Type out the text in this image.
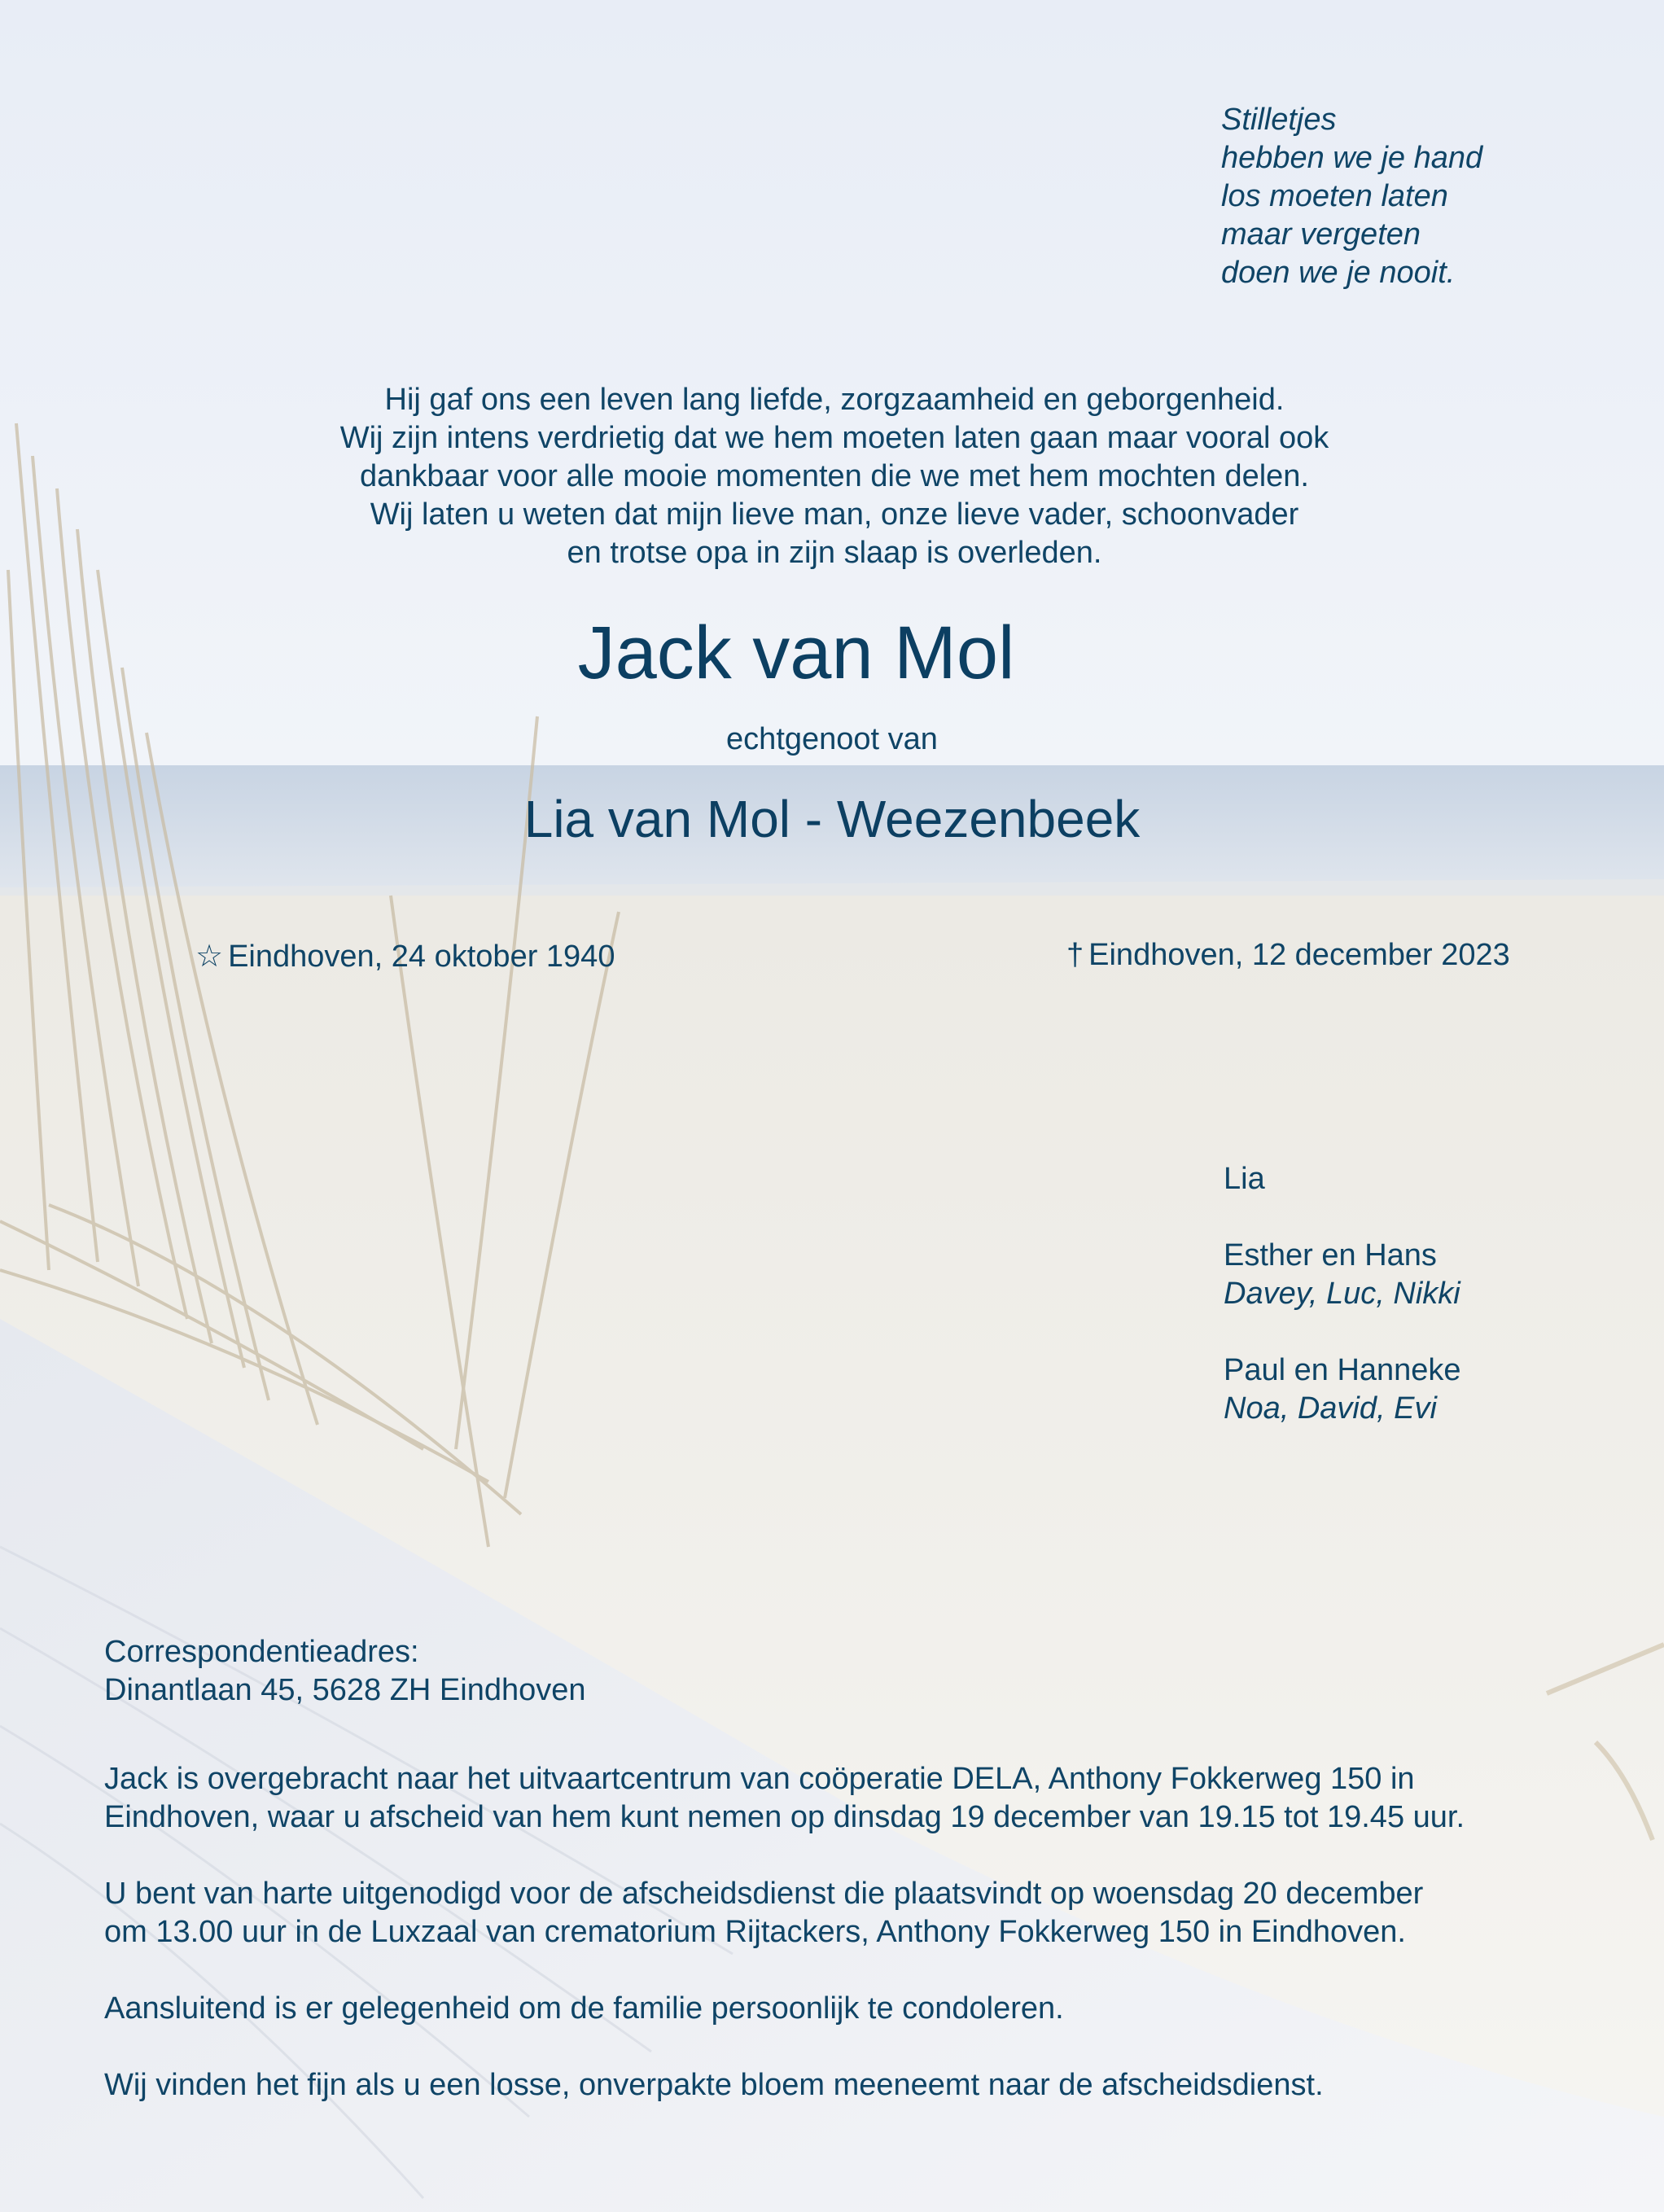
Stilletjes
hebben we je hand
los moeten laten
maar vergeten
doen we je nooit.
Hij gaf ons een leven lang liefde, zorgzaamheid en geborgenheid.
Wij zijn intens verdrietig dat we hem moeten laten gaan maar vooral ook
dankbaar voor alle mooie momenten die we met hem mochten delen.
Wij laten u weten dat mijn lieve man, onze lieve vader, schoonvader
en trotse opa in zijn slaap is overleden.
Jack van Mol
echtgenoot van
Lia van Mol - Weezenbeek
☆ Eindhoven, 24 oktober 1940	† Eindhoven, 12 december 2023
Lia
Esther en Hans
Davey, Luc, Nikki
Paul en Hanneke
Noa, David, Evi
Correspondentieadres:
Dinantlaan 45, 5628 ZH Eindhoven

Jack is overgebracht naar het uitvaartcentrum van coöperatie DELA, Anthony Fokkerweg 150 in
Eindhoven, waar u afscheid van hem kunt nemen op dinsdag 19 december van 19.15 tot 19.45 uur.

U bent van harte uitgenodigd voor de afscheidsdienst die plaatsvindt op woensdag 20 december
om 13.00 uur in de Luxzaal van crematorium Rijtackers, Anthony Fokkerweg 150 in Eindhoven.

Aansluitend is er gelegenheid om de familie persoonlijk te condoleren.

Wij vinden het fijn als u een losse, onverpakte bloem meeneemt naar de afscheidsdienst.
